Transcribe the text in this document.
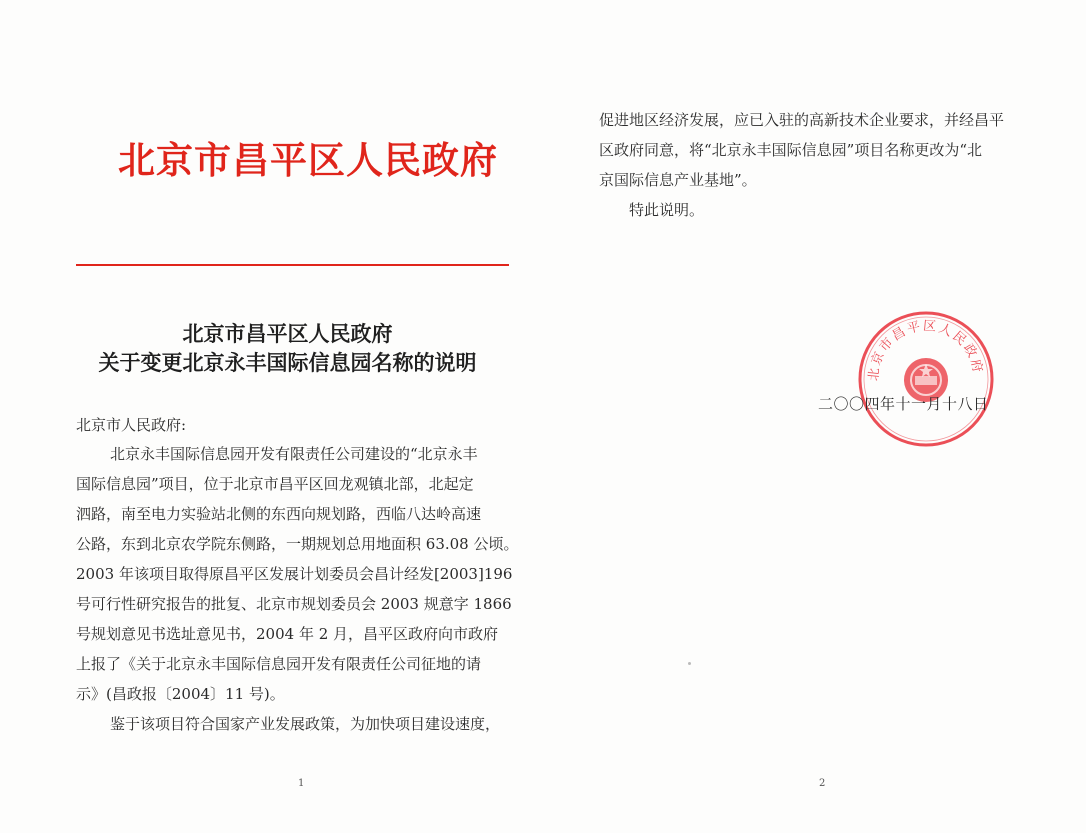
北京市昌平区人民政府
北京市昌平区人民政府
关于变更北京永丰国际信息园名称的说明
北京市人民政府:
北京永丰国际信息园开发有限责任公司建设的“北京永丰
国际信息园”项目，位于北京市昌平区回龙观镇北部，北起定
泗路，南至电力实验站北侧的东西向规划路，西临八达岭高速
公路，东到北京农学院东侧路，一期规划总用地面积 63.08 公顷。
2003 年该项目取得原昌平区发展计划委员会昌计经发[2003]196
号可行性研究报告的批复、北京市规划委员会 2003 规意字 1866
号规划意见书选址意见书，2004 年 2 月，昌平区政府向市政府
上报了《关于北京永丰国际信息园开发有限责任公司征地的请
示》(昌政报〔2004〕11 号)。
鉴于该项目符合国家产业发展政策，为加快项目建设速度，
1
促进地区经济发展，应已入驻的高新技术企业要求，并经昌平
区政府同意，将“北京永丰国际信息园”项目名称更改为“北
京国际信息产业基地”。
特此说明。
2
北京市昌平区人民政府
二〇〇四年十一月十八日
